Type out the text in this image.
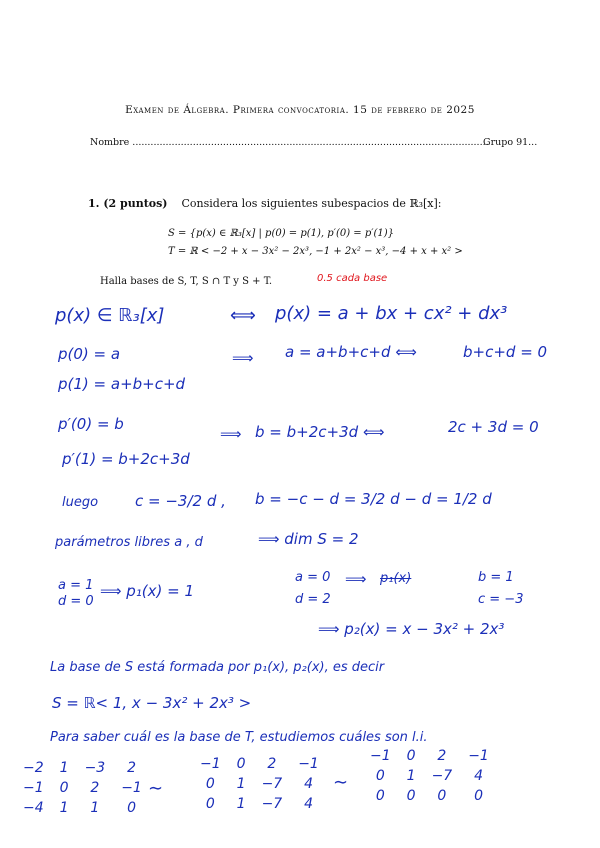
Examen de Álgebra. Primera convocatoria. 15 de febrero de 2025
Nombre ......................................................................................................................
Grupo 91...
1. (2 puntos) Considera los siguientes subespacios de ℝ₃[x]:
S = {p(x) ∈ ℝ₃[x] | p(0) = p(1), p′(0) = p′(1)}
T = ℝ < −2 + x − 3x² − 2x³, −1 + 2x² − x³, −4 + x + x² >
Halla bases de S, T, S ∩ T y S + T.	0.5 cada base
p(x) ∈ ℝ₃[x]	⟺ p(x) = a + bx + cx² + dx³
p(0) = a	⟹ a = a+b+c+d ⟺	b+c+d = 0
p(1) = a+b+c+d
p′(0) = b
⟹ b = b+2c+3d ⟺	2c + 3d = 0
p′(1) = b+2c+3d
luego c = −3/2 d , b = −c − d = 3/2 d − d = 1/2 d
parámetros libres a , d	⟹ dim S = 2
a = 1
d = 0
⟹ p₁(x) = 1
a = 0
d = 2
⟹ p₁(x)	b = 1
c = −3
⟹ p₂(x) = x − 3x² + 2x³
La base de S está formada por p₁(x), p₂(x), es decir
S = ℝ< 1, x − 3x² + 2x³ >
Para saber cuál es la base de T, estudiemos cuáles son l.i.
−2	1	−3	2
−1	0	2	−1
−4	1	1	0
∼
−1	0	2	−1
0	1	−7	4
0	1	−7	4
∼
−1	0	2	−1
0	1	−7	4
0	0	0	0
